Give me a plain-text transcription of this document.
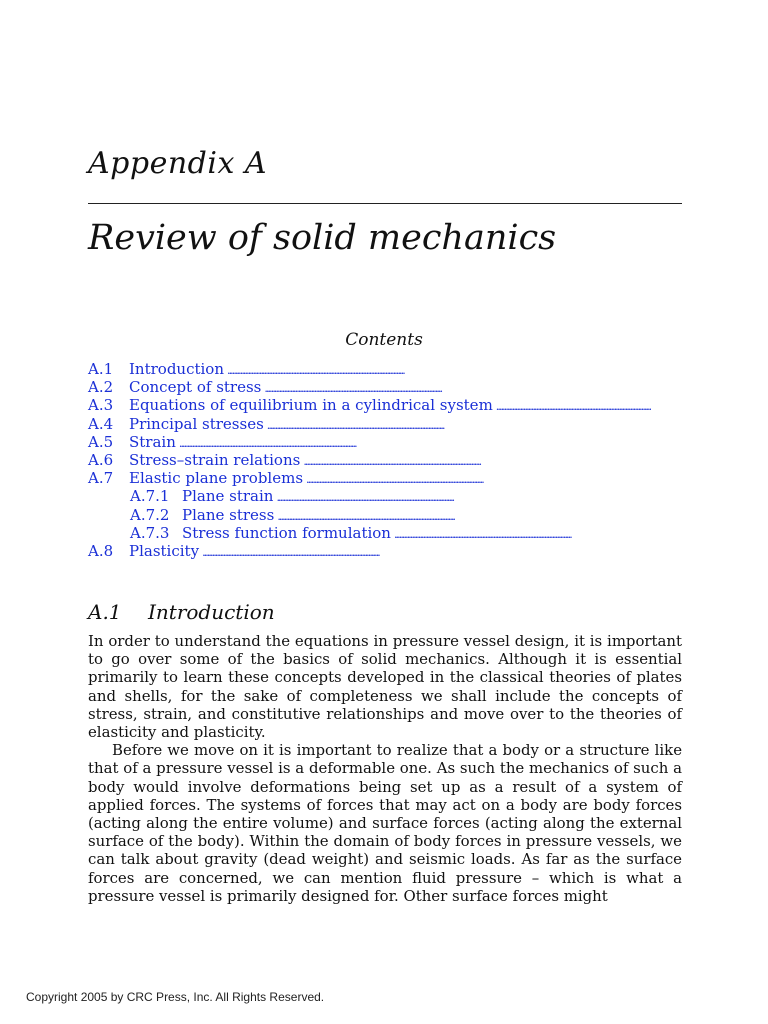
Appendix A
Review of solid mechanics
Contents
A.1	Introduction
. . .
A.2	Concept of stress
. . .
A.3	Equations of equilibrium in a cylindrical system
. . .
A.4	Principal stresses
. . .
A.5	Strain
. . .
A.6	Stress–strain relations
. . .
A.7	Elastic plane problems
. . .
A.7.1 Plane strain
. . .
A.7.2 Plane stress
. . .
A.7.3 Stress function formulation
. . .
A.8	Plasticity
. . .
A.1 Introduction

In order to understand the equations in pressure vessel design, it is important to go over some of the basics of solid mechanics. Although it is essential primarily to learn these concepts developed in the classical theories of plates and shells, for the sake of completeness we shall include the concepts of stress, strain, and constitutive relationships and move over to the theories of elasticity and plasticity.

Before we move on it is important to realize that a body or a structure like that of a pressure vessel is a deformable one. As such the mechanics of such a body would involve deformations being set up as a result of a system of applied forces. The systems of forces that may act on a body are body forces (acting along the entire volume) and surface forces (acting along the external surface of the body). Within the domain of body forces in pressure vessels, we can talk about gravity (dead weight) and seismic loads. As far as the surface forces are concerned, we can mention fluid pressure – which is what a pressure vessel is primarily designed for. Other surface forces might

Copyright 2005 by CRC Press, Inc. All Rights Reserved.
